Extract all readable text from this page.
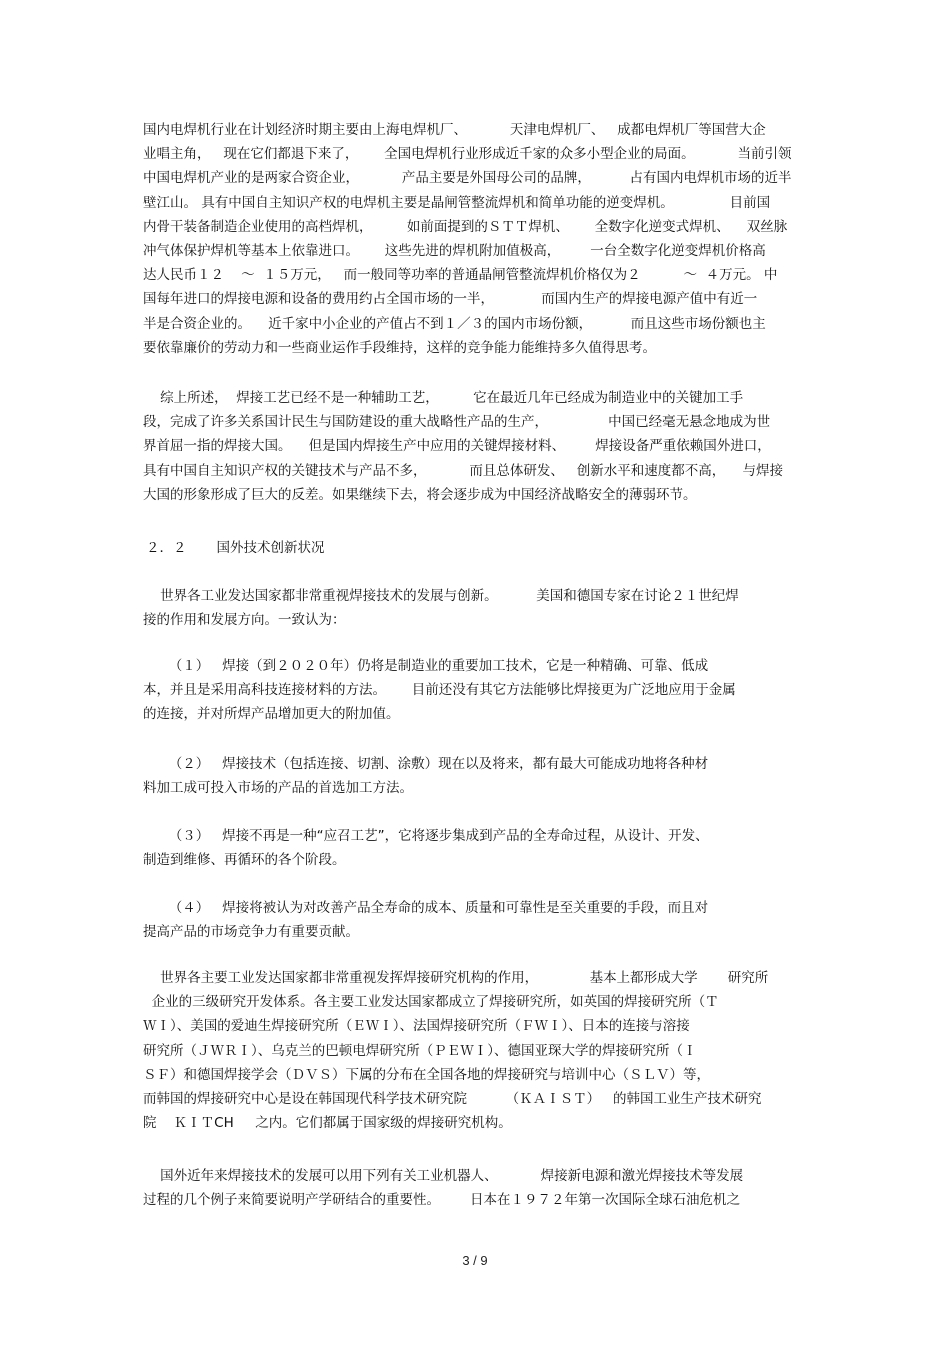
国内电焊机行业在计划经济时期主要由上海电焊机厂、          天津电焊机厂、   成都电焊机厂等国营大企
业唱主角，   现在它们都退下来了，      全国电焊机行业形成近千家的众多小型企业的局面。          当前引领
中国电焊机产业的是两家合资企业，          产品主要是外国母公司的品牌，         占有国内电焊机市场的近半
壁江山。 具有中国自主知识产权的电焊机主要是晶闸管整流焊机和简单功能的逆变焊机。             目前国
内骨干装备制造企业使用的高档焊机，        如前面提到的ＳＴＴ焊机、      全数字化逆变式焊机、    双丝脉
冲气体保护焊机等基本上依靠进口。      这些先进的焊机附加值极高，       一台全数字化逆变焊机价格高
达人民币１２    ～  １５万元，   而一般同等功率的普通晶闸管整流焊机价格仅为２          ～  ４万元。 中
国每年进口的焊接电源和设备的费用约占全国市场的一半，           而国内生产的焊接电源产值中有近一
半是合资企业的。    近千家中小企业的产值占不到１／３的国内市场份额，         而且这些市场份额也主
要依靠廉价的劳动力和一些商业运作手段维持，这样的竞争能力能维持多久值得思考。
综上所述，  焊接工艺已经不是一种辅助工艺，        它在最近几年已经成为制造业中的关键加工手
段，完成了许多关系国计民生与国防建设的重大战略性产品的生产，              中国已经毫无悬念地成为世
界首屈一指的焊接大国。    但是国内焊接生产中应用的关键焊接材料、       焊接设备严重依赖国外进口，
具有中国自主知识产权的关键技术与产品不多，          而且总体研发、   创新水平和速度都不高，    与焊接
大国的形象形成了巨大的反差。如果继续下去，将会逐步成为中国经济战略安全的薄弱环节。
世界各工业发达国家都非常重视焊接技术的发展与创新。         美国和德国专家在讨论２１世纪焊
接的作用和发展方向。一致认为：
（１）   焊接（到２０２０年）仍将是制造业的重要加工技术，它是一种精确、可靠、低成
本，并且是采用高科技连接材料的方法。      目前还没有其它方法能够比焊接更为广泛地应用于金属
的连接，并对所焊产品增加更大的附加值。
（２）   焊接技术（包括连接、切割、涂敷）现在以及将来，都有最大可能成功地将各种材
料加工成可投入市场的产品的首选加工方法。
（３）   焊接不再是一种“应召工艺”，它将逐步集成到产品的全寿命过程，从设计、开发、
制造到维修、再循环的各个阶段。
（４）   焊接将被认为对改善产品全寿命的成本、质量和可靠性是至关重要的手段，而且对
提高产品的市场竞争力有重要贡献。
世界各主要工业发达国家都非常重视发挥焊接研究机构的作用，            基本上都形成大学       研究所
企业的三级研究开发体系。各主要工业发达国家都成立了焊接研究所，如英国的焊接研究所（Ｔ
ＷＩ）、美国的爱迪生焊接研究所（ＥＷＩ）、法国焊接研究所（ＦＷＩ）、日本的连接与溶接
研究所（ＪＷＲＩ）、乌克兰的巴顿电焊研究所（ＰＥＷＩ）、德国亚琛大学的焊接研究所（Ｉ
ＳＦ）和德国焊接学会（ＤＶＳ）下属的分布在全国各地的焊接研究与培训中心（ＳＬＶ）等，
而韩国的焊接研究中心是设在韩国现代科学技术研究院         （ＫＡＩＳＴ）   的韩国工业生产技术研究
院    ＫＩＴCH     之内。它们都属于国家级的焊接研究机构。
国外近年来焊接技术的发展可以用下列有关工业机器人、          焊接新电源和激光焊接技术等发展
过程的几个例子来简要说明产学研结合的重要性。       日本在１９７２年第一次国际全球石油危机之
２．２ 国外技术创新状况
3 / 9
